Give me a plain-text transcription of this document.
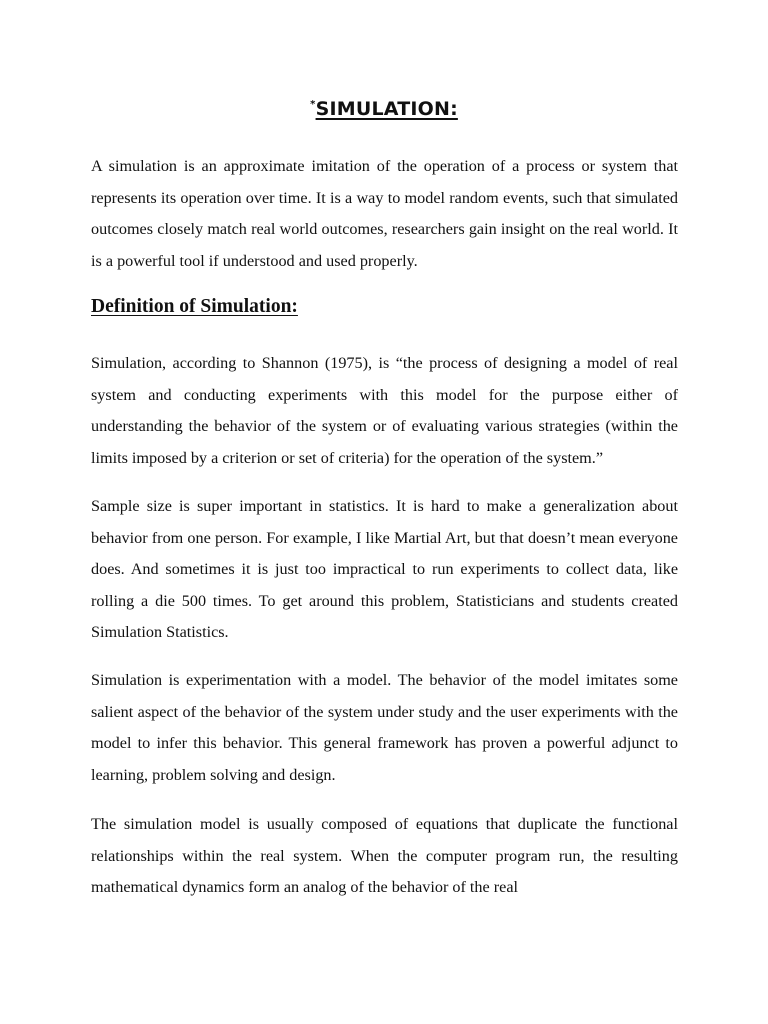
*SIMULATION:

A simulation is an approximate imitation of the operation of a process or system that represents its operation over time. It is a way to model random events, such that simulated outcomes closely match real world outcomes, researchers gain insight on the real world. It is a powerful tool if understood and used properly.

Definition of Simulation:

Simulation, according to Shannon (1975), is “the process of designing a model of real system and conducting experiments with this model for the purpose either of understanding the behavior of the system or of evaluating various strategies (within the limits imposed by a criterion or set of criteria) for the operation of the system.”

Sample size is super important in statistics. It is hard to make a generalization about behavior from one person. For example, I like Martial Art, but that doesn’t mean everyone does. And sometimes it is just too impractical to run experiments to collect data, like rolling a die 500 times. To get around this problem, Statisticians and students created Simulation Statistics.

Simulation is experimentation with a model. The behavior of the model imitates some salient aspect of the behavior of the system under study and the user experiments with the model to infer this behavior. This general framework has proven a powerful adjunct to learning, problem solving and design.

The simulation model is usually composed of equations that duplicate the functional relationships within the real system. When the computer program run, the resulting mathematical dynamics form an analog of the behavior of the real
